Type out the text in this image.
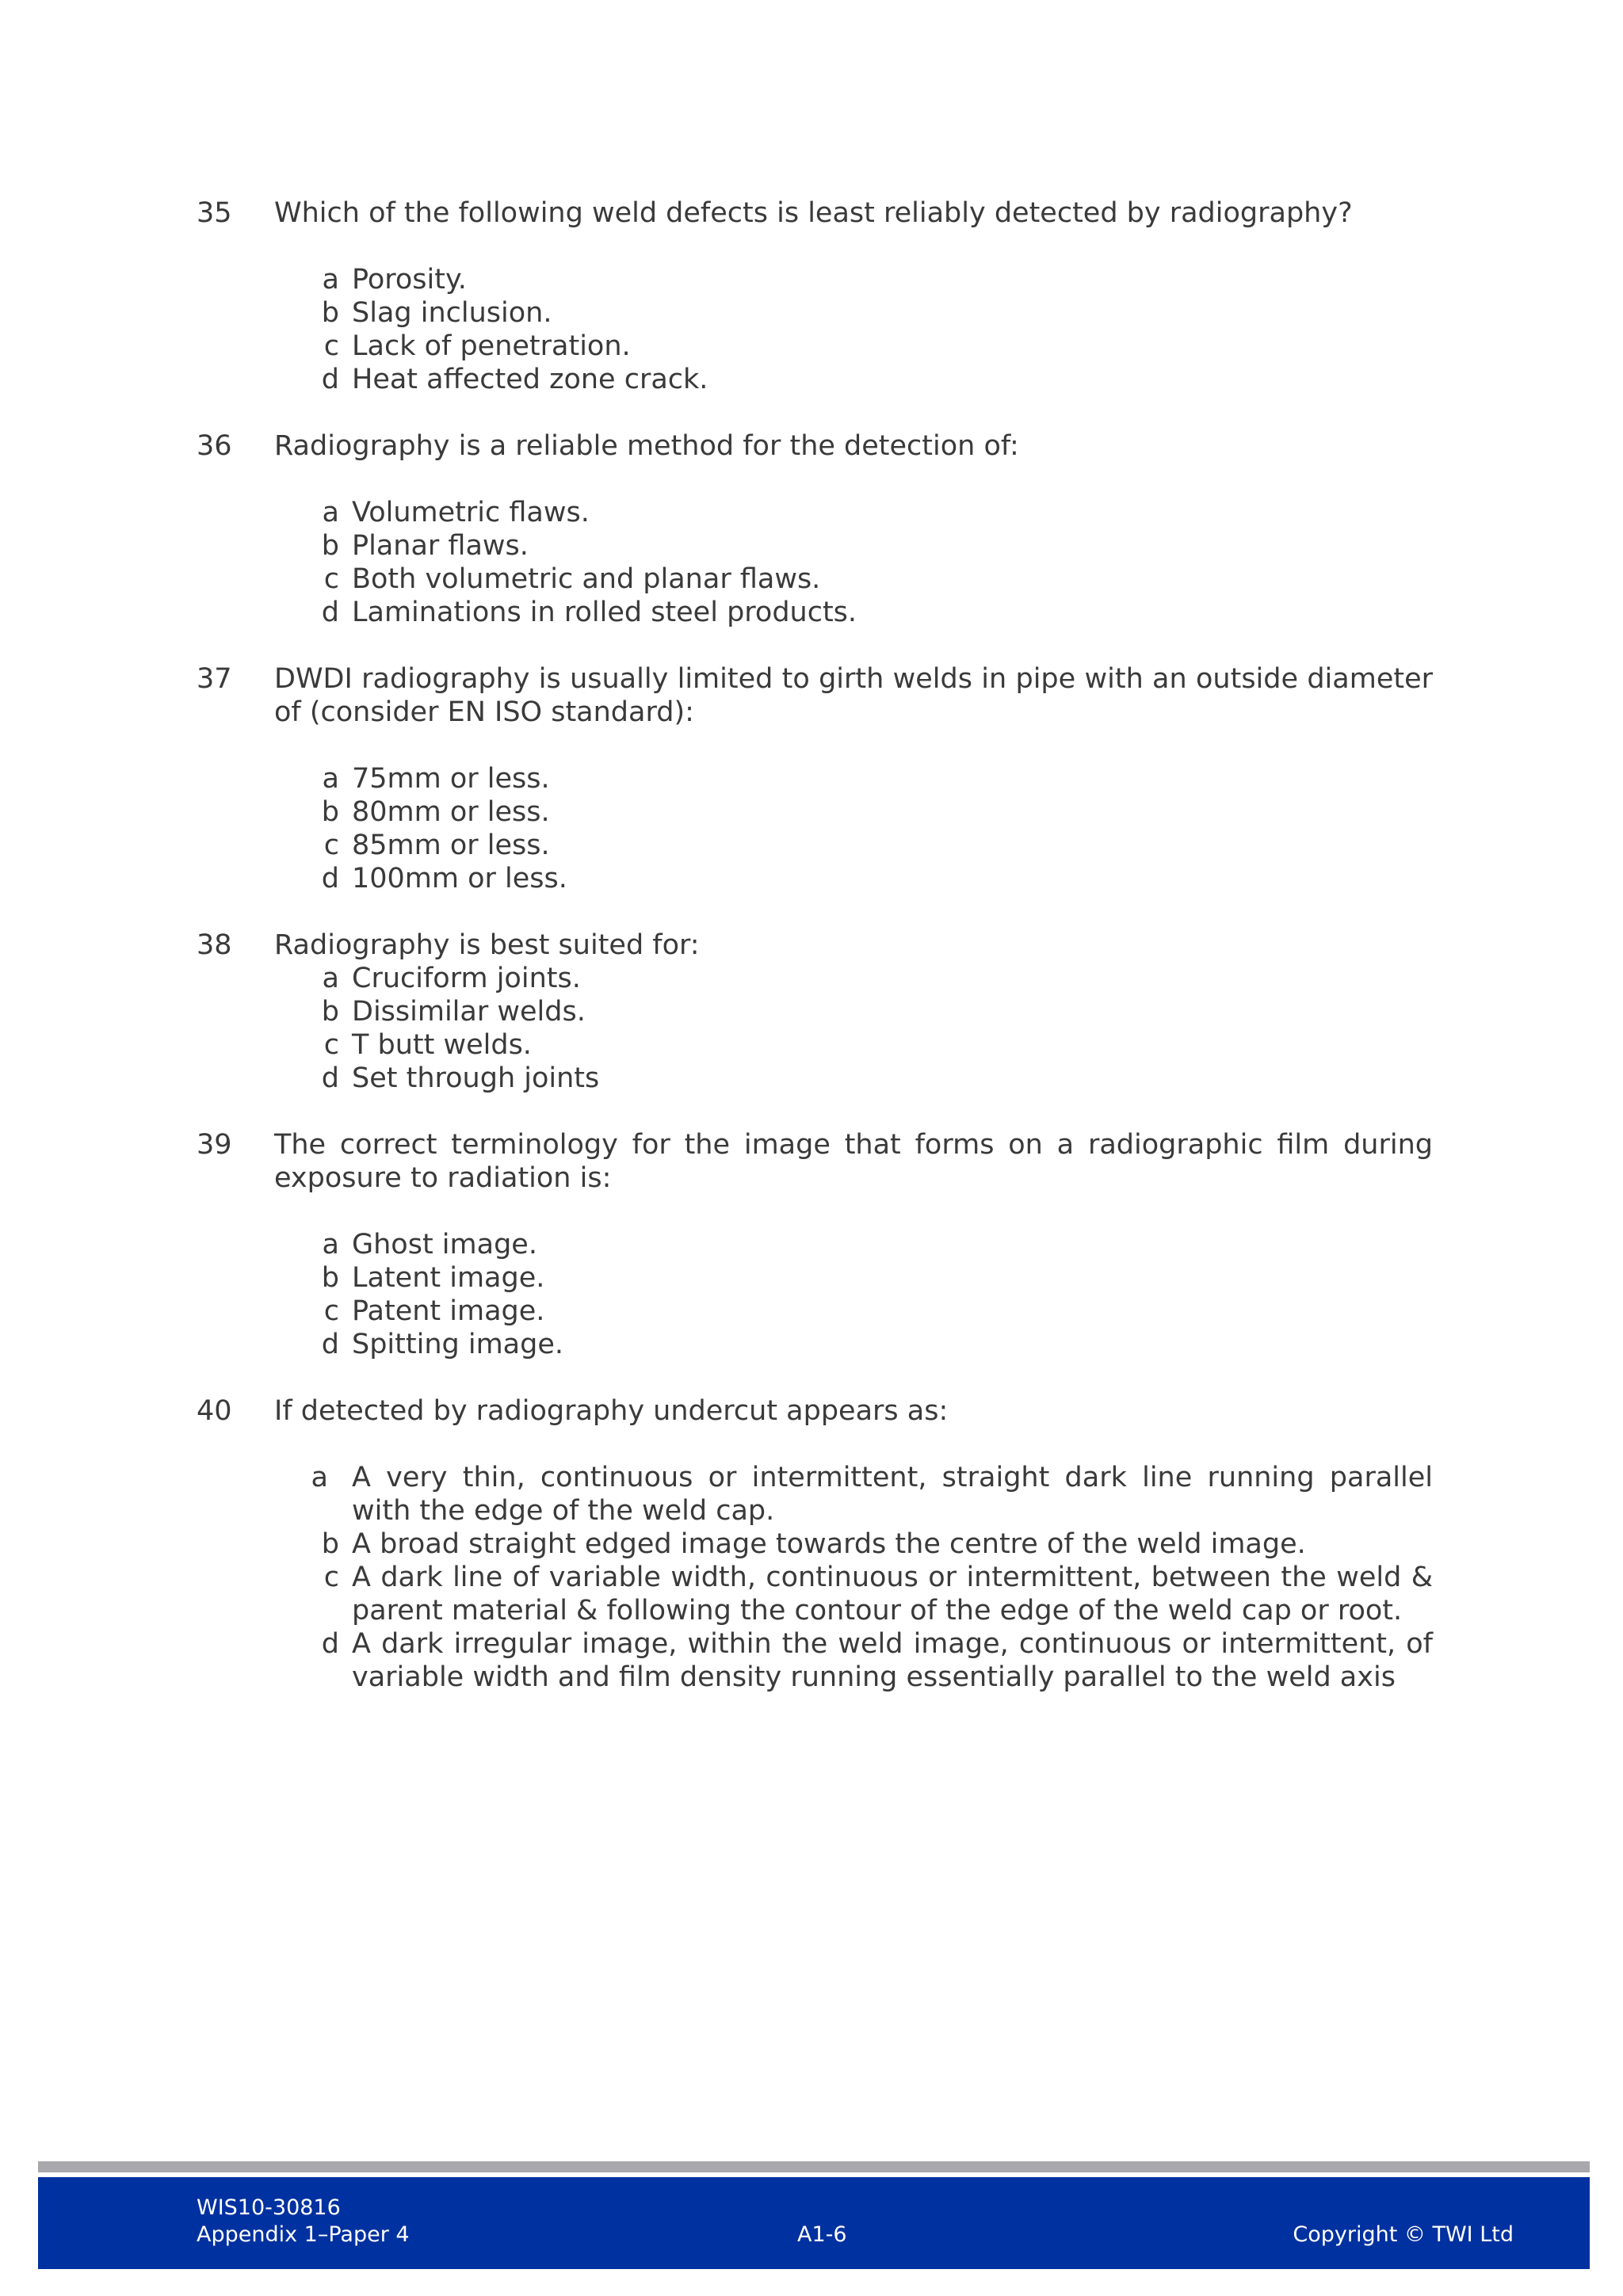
35 Which of the following weld defects is least reliably detected by radiography?
a Porosity.
b Slag inclusion.
c Lack of penetration.
d Heat affected zone crack.
36 Radiography is a reliable method for the detection of:
a Volumetric flaws.
b Planar flaws.
c Both volumetric and planar flaws.
d Laminations in rolled steel products.
37 DWDI radiography is usually limited to girth welds in pipe with an outside diameter of (consider EN ISO standard):
a 75mm or less.
b 80mm or less.
c 85mm or less.
d 100mm or less.
38 Radiography is best suited for:
a Cruciform joints.
b Dissimilar welds.
c T butt welds.
d Set through joints
39 The correct terminology for the image that forms on a radiographic film during exposure to radiation is:
a Ghost image.
b Latent image.
c Patent image.
d Spitting image.
40 If detected by radiography undercut appears as:
a A very thin, continuous or intermittent, straight dark line running parallel with the edge of the weld cap.
b A broad straight edged image towards the centre of the weld image.
c A dark line of variable width, continuous or intermittent, between the weld & parent material & following the contour of the edge of the weld cap or root.
d A dark irregular image, within the weld image, continuous or intermittent, of variable width and film density running essentially parallel to the weld axis
WIS10-30816
Appendix 1–Paper 4	A1-6	Copyright © TWI Ltd
